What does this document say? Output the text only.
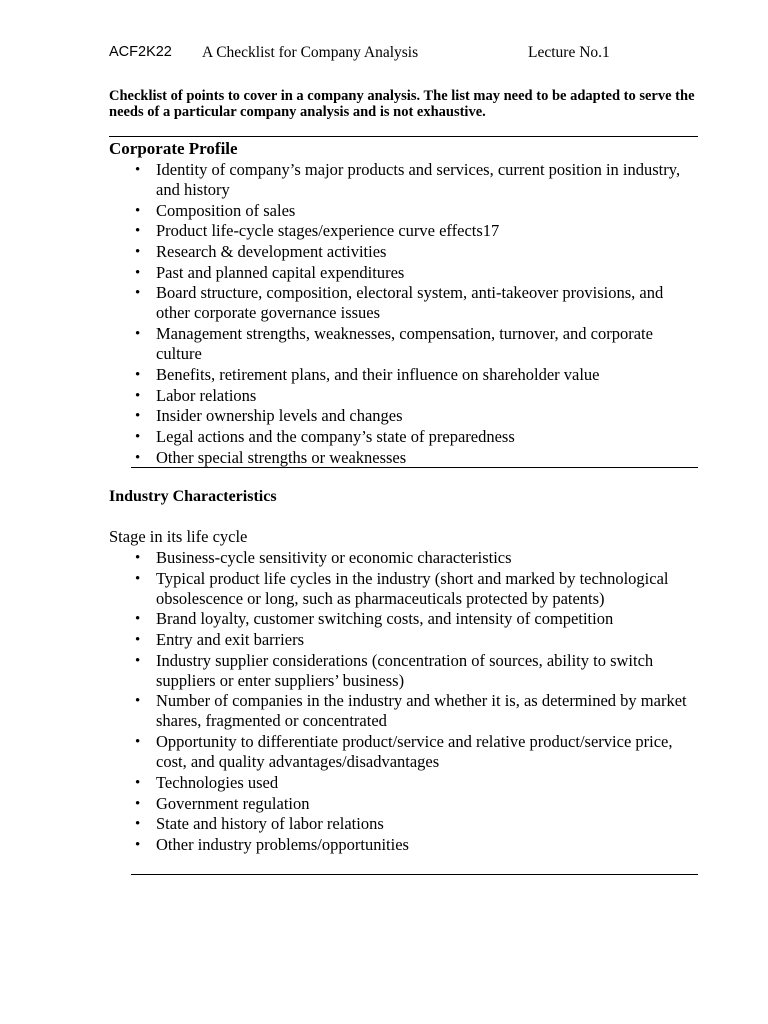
ACF2K22 A Checklist for Company Analysis	Lecture No.1
Checklist of points to cover in a company analysis. The list may need to be adapted to serve the needs of a particular company analysis and is not exhaustive.
Corporate Profile
• Identity of company’s major products and services, current position in industry, and history
• Composition of sales
• Product life-cycle stages/experience curve effects17
• Research & development activities
• Past and planned capital expenditures
• Board structure, composition, electoral system, anti-takeover provisions, and other corporate governance issues
• Management strengths, weaknesses, compensation, turnover, and corporate culture
• Benefits, retirement plans, and their influence on shareholder value
• Labor relations
• Insider ownership levels and changes
• Legal actions and the company’s state of preparedness
• Other special strengths or weaknesses
Industry Characteristics
Stage in its life cycle
• Business-cycle sensitivity or economic characteristics
• Typical product life cycles in the industry (short and marked by technological obsolescence or long, such as pharmaceuticals protected by patents)
• Brand loyalty, customer switching costs, and intensity of competition
• Entry and exit barriers
• Industry supplier considerations (concentration of sources, ability to switch suppliers or enter suppliers’ business)
• Number of companies in the industry and whether it is, as determined by market shares, fragmented or concentrated
• Opportunity to differentiate product/service and relative product/service price, cost, and quality advantages/disadvantages
• Technologies used
• Government regulation
• State and history of labor relations
• Other industry problems/opportunities
